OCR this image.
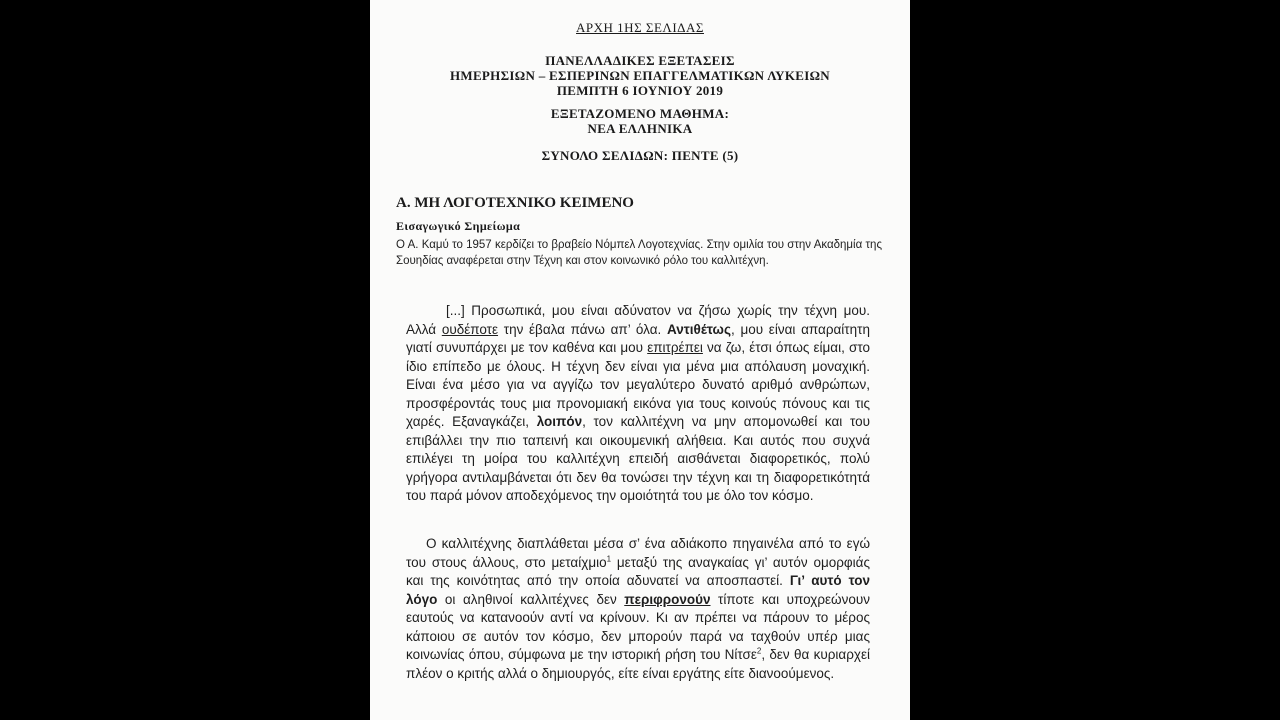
ΑΡΧΗ 1ΗΣ ΣΕΛΙΔΑΣ
ΠΑΝΕΛΛΑΔΙΚΕΣ ΕΞΕΤΑΣΕΙΣ
ΗΜΕΡΗΣΙΩΝ – ΕΣΠΕΡΙΝΩΝ ΕΠΑΓΓΕΛΜΑΤΙΚΩΝ ΛΥΚΕΙΩΝ
ΠΕΜΠΤΗ 6 ΙΟΥΝΙΟΥ 2019
ΕΞΕΤΑΖΟΜΕΝΟ ΜΑΘΗΜΑ:
ΝΕΑ ΕΛΛΗΝΙΚΑ
ΣΥΝΟΛΟ ΣΕΛΙΔΩΝ: ΠΕΝΤΕ (5)
Α. ΜΗ ΛΟΓΟΤΕΧΝΙΚΟ ΚΕΙΜΕΝΟ
Εισαγωγικό Σημείωμα
Ο Α. Καμύ το 1957 κερδίζει το βραβείο Νόμπελ Λογοτεχνίας. Στην ομιλία του στην Ακαδημία της Σουηδίας αναφέρεται στην Τέχνη και στον κοινωνικό ρόλο του καλλιτέχνη.
[...] Προσωπικά, μου είναι αδύνατον να ζήσω χωρίς την τέχνη μου. Αλλά ουδέποτε την έβαλα πάνω απ’ όλα. Αντιθέτως, μου είναι απαραίτητη γιατί συνυπάρχει με τον καθένα και μου επιτρέπει να ζω, έτσι όπως είμαι, στο ίδιο επίπεδο με όλους. Η τέχνη δεν είναι για μένα μια απόλαυση μοναχική. Είναι ένα μέσο για να αγγίζω τον μεγαλύτερο δυνατό αριθμό ανθρώπων, προσφέροντάς τους μια προνομιακή εικόνα για τους κοινούς πόνους και τις χαρές. Εξαναγκάζει, λοιπόν, τον καλλιτέχνη να μην απομονωθεί και του επιβάλλει την πιο ταπεινή και οικουμενική αλήθεια. Και αυτός που συχνά επιλέγει τη μοίρα του καλλιτέχνη επειδή αισθάνεται διαφορετικός, πολύ γρήγορα αντιλαμβάνεται ότι δεν θα τονώσει την τέχνη και τη διαφορετικότητά του παρά μόνον αποδεχόμενος την ομοιότητά του με όλο τον κόσμο.
Ο καλλιτέχνης διαπλάθεται μέσα σ’ ένα αδιάκοπο πηγαινέλα από το εγώ του στους άλλους, στο μεταίχμιο$^1$ μεταξύ της αναγκαίας γι’ αυτόν ομορφιάς και της κοινότητας από την οποία αδυνατεί να αποσπαστεί. Γι’ αυτό τον λόγο οι αληθινοί καλλιτέχνες δεν περιφρονούν τίποτε και υποχρεώνουν εαυτούς να κατανοούν αντί να κρίνουν. Κι αν πρέπει να πάρουν το μέρος κάποιου σε αυτόν τον κόσμο, δεν μπορούν παρά να ταχθούν υπέρ μιας κοινωνίας όπου, σύμφωνα με την ιστορική ρήση του Νίτσε$^2$, δεν θα κυριαρχεί πλέον ο κριτής αλλά ο δημιουργός, είτε είναι εργάτης είτε διανοούμενος.
